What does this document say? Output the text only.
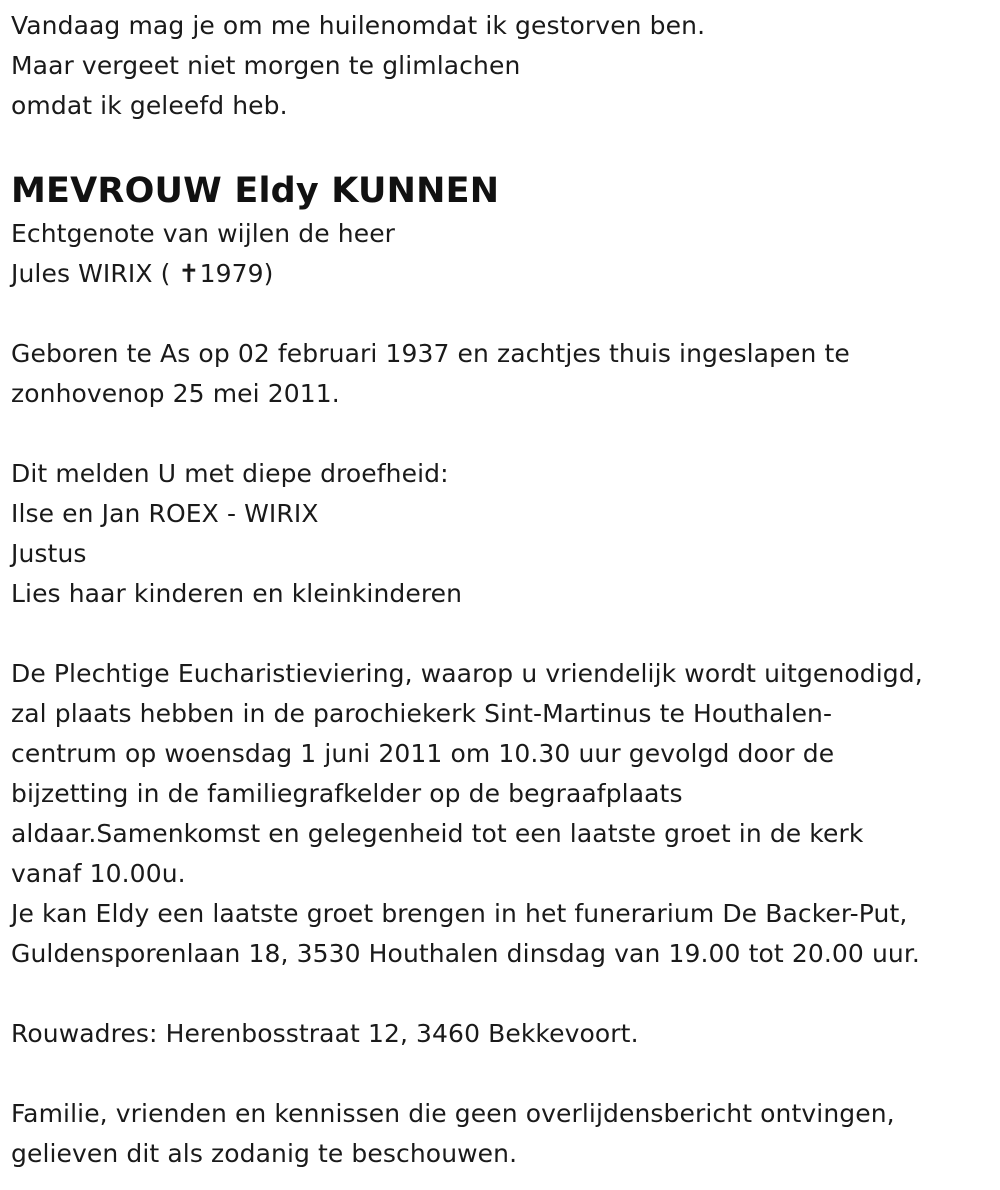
Vandaag mag je om me huilenomdat ik gestorven ben.
Maar vergeet niet morgen te glimlachen
omdat ik geleefd heb.
MEVROUW Eldy KUNNEN
Echtgenote van wijlen de heer
Jules WIRIX ( ✝1979)
Geboren te As op 02 februari 1937 en zachtjes thuis ingeslapen te
zonhovenop 25 mei 2011.
Dit melden U met diepe droefheid:
Ilse en Jan ROEX - WIRIX
Justus
Lies haar kinderen en kleinkinderen
De Plechtige Eucharistieviering, waarop u vriendelijk wordt uitgenodigd,
zal plaats hebben in de parochiekerk Sint-Martinus te Houthalen-
centrum op woensdag 1 juni 2011 om 10.30 uur gevolgd door de
bijzetting in de familiegrafkelder op de begraafplaats
aldaar.Samenkomst en gelegenheid tot een laatste groet in de kerk
vanaf 10.00u.
Je kan Eldy een laatste groet brengen in het funerarium De Backer-Put,
Guldensporenlaan 18, 3530 Houthalen dinsdag van 19.00 tot 20.00 uur.
Rouwadres: Herenbosstraat 12, 3460 Bekkevoort.
Familie, vrienden en kennissen die geen overlijdensbericht ontvingen,
gelieven dit als zodanig te beschouwen.
